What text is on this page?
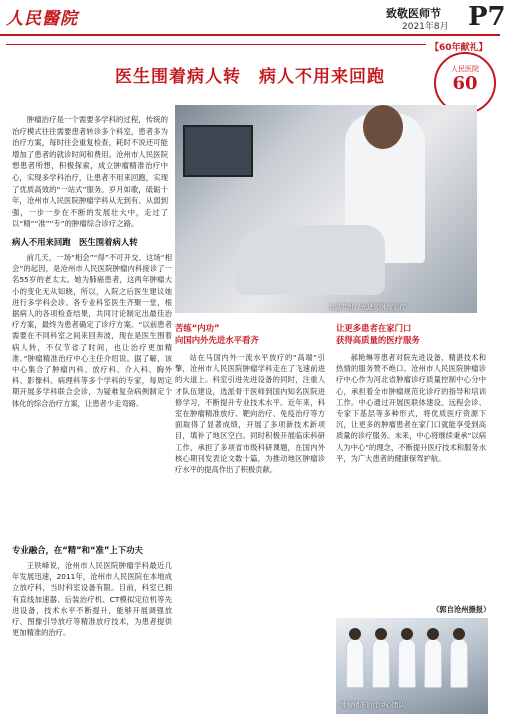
人民醫院	致敬医师节
2021年8月 P7
【60年献礼】
人民医院
60
医生围着病人转　病人不用来回跑

肿瘤治疗是一个需要多学科的过程，传统的治疗模式往往需要患者转诊多个科室，患者多为治疗方案，每时往会重复检查，耗时不说还可能增加了患者的就诊时间和费用。沧州市人民医院想患者所想，积极探索，成立肿瘤精准治疗中心，实现多学科治疗，让患者不用来回跑，实现了优质高效的“一站式”服务。岁月如歌，砥砺十年，沧州市人民医院肿瘤学科从无到有、从弱到强，一步一步在不断的发展壮大中，走过了以“精”“准”“专”的肿瘤综合诊疗之路。

为患者进行先进的肿瘤治疗
病人不用来回跑　医生围着病人转

前几天，一场“相会”“得”不可开交、这场“相会”的起因，是沧州市人民医院肿瘤内科接诊了一名55岁的老太太。她为肺癌患者，这两年肿瘤大小的变化无从知晓，所以，入院之后医生建议她进行多学科会诊。各专业科室医生齐聚一堂，根据病人的各项检查结果，共同讨论制定出最佳治疗方案，最终为患者确定了诊疗方案。“以前患者需要在不同科室之间来回奔波，现在是医生围着病人转，不仅节省了时间，也让治疗更加精准。”肿瘤精准治疗中心主任介绍说。据了解，该中心集合了肿瘤内科、放疗科、介入科、胸外科、影像科、病理科等多个学科的专家，每周定期开展多学科联合会诊，为疑难复杂病例制定个体化的综合治疗方案，让患者少走弯路。

专业融合，在“精”和“准”上下功夫

王铁峰说，沧州市人民医院肿瘤学科最近几年发展迅速，2011年，沧州市人民医院在本地成立放疗科，当时科室设备有限。目前，科室已拥有直线加速器、后装治疗机、CT模拟定位机等先进设备，技术水平不断提升，能够开展调强放疗、图像引导放疗等精准放疗技术，为患者提供更加精准的治疗。

苦练“内功”
向国内外先进水平看齐

站在马国内外一流水平放疗的“高端”引擎，沧州市人民医院肿瘤学科走在了飞速前进的大道上。科室引进先进设备的同时，注重人才队伍建设，选派骨干医师到国内知名医院进修学习，不断提升专业技术水平。近年来，科室在肿瘤精准放疗、靶向治疗、免疫治疗等方面取得了显著成绩，开展了多项新技术新项目，填补了地区空白。同时积极开展临床科研工作，承担了多项省市级科研课题，在国内外核心期刊发表论文数十篇，为推动地区肿瘤诊疗水平的提高作出了积极贡献。

让更多患者在家门口
获得高质量的医疗服务

郝艳琳等患者对院先进设备、精湛技术和热情的服务赞不绝口。沧州市人民医院肿瘤诊疗中心作为河北省肿瘤诊疗质量控制中心分中心，承担着全市肿瘤规范化诊疗的指导和培训工作。中心通过开展医联体建设、远程会诊、专家下基层等多种形式，将优质医疗资源下沉，让更多的肿瘤患者在家门口就能享受到高质量的诊疗服务。未来，中心将继续秉承“以病人为中心”的理念，不断提升医疗技术和服务水平，为广大患者的健康保驾护航。

（郭自沧州摄报）
肿瘤精准治疗中心团队
